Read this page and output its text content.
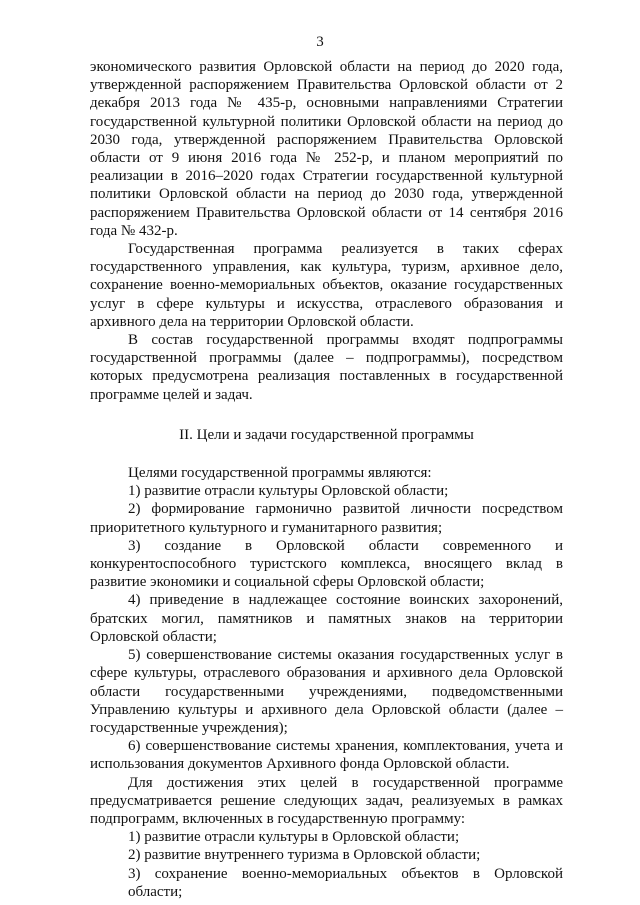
3

экономического развития Орловской области на период до 2020 года, утвержденной распоряжением Правительства Орловской области от 2 декабря 2013 года № 435-р, основными направлениями Стратегии государственной культурной политики Орловской области на период до 2030 года, утвержденной распоряжением Правительства Орловской области от 9 июня 2016 года № 252-р, и планом мероприятий по реализации в 2016–2020 годах Стратегии государственной культурной политики Орловской области на период до 2030 года, утвержденной распоряжением Правительства Орловской области от 14 сентября 2016 года № 432-р.

Государственная программа реализуется в таких сферах государственного управления, как культура, туризм, архивное дело, сохранение военно-мемориальных объектов, оказание государственных услуг в сфере культуры и искусства, отраслевого образования и архивного дела на территории Орловской области.

В состав государственной программы входят подпрограммы государственной программы (далее – подпрограммы), посредством которых предусмотрена реализация поставленных в государственной программе целей и задач.

II. Цели и задачи государственной программы

Целями государственной программы являются:

1) развитие отрасли культуры Орловской области;

2) формирование гармонично развитой личности посредством приоритетного культурного и гуманитарного развития;

3) создание в Орловской области современного и конкурентоспособного туристского комплекса, вносящего вклад в развитие экономики и социальной сферы Орловской области;

4) приведение в надлежащее состояние воинских захоронений, братских могил, памятников и памятных знаков на территории Орловской области;

5) совершенствование системы оказания государственных услуг в сфере культуры, отраслевого образования и архивного дела Орловской области государственными учреждениями, подведомственными Управлению культуры и архивного дела Орловской области (далее – государственные учреждения);

6) совершенствование системы хранения, комплектования, учета и использования документов Архивного фонда Орловской области.

Для достижения этих целей в государственной программе предусматривается решение следующих задач, реализуемых в рамках подпрограмм, включенных в государственную программу:

1) развитие отрасли культуры в Орловской области;

2) развитие внутреннего туризма в Орловской области;

3) сохранение военно-мемориальных объектов в Орловской области;
